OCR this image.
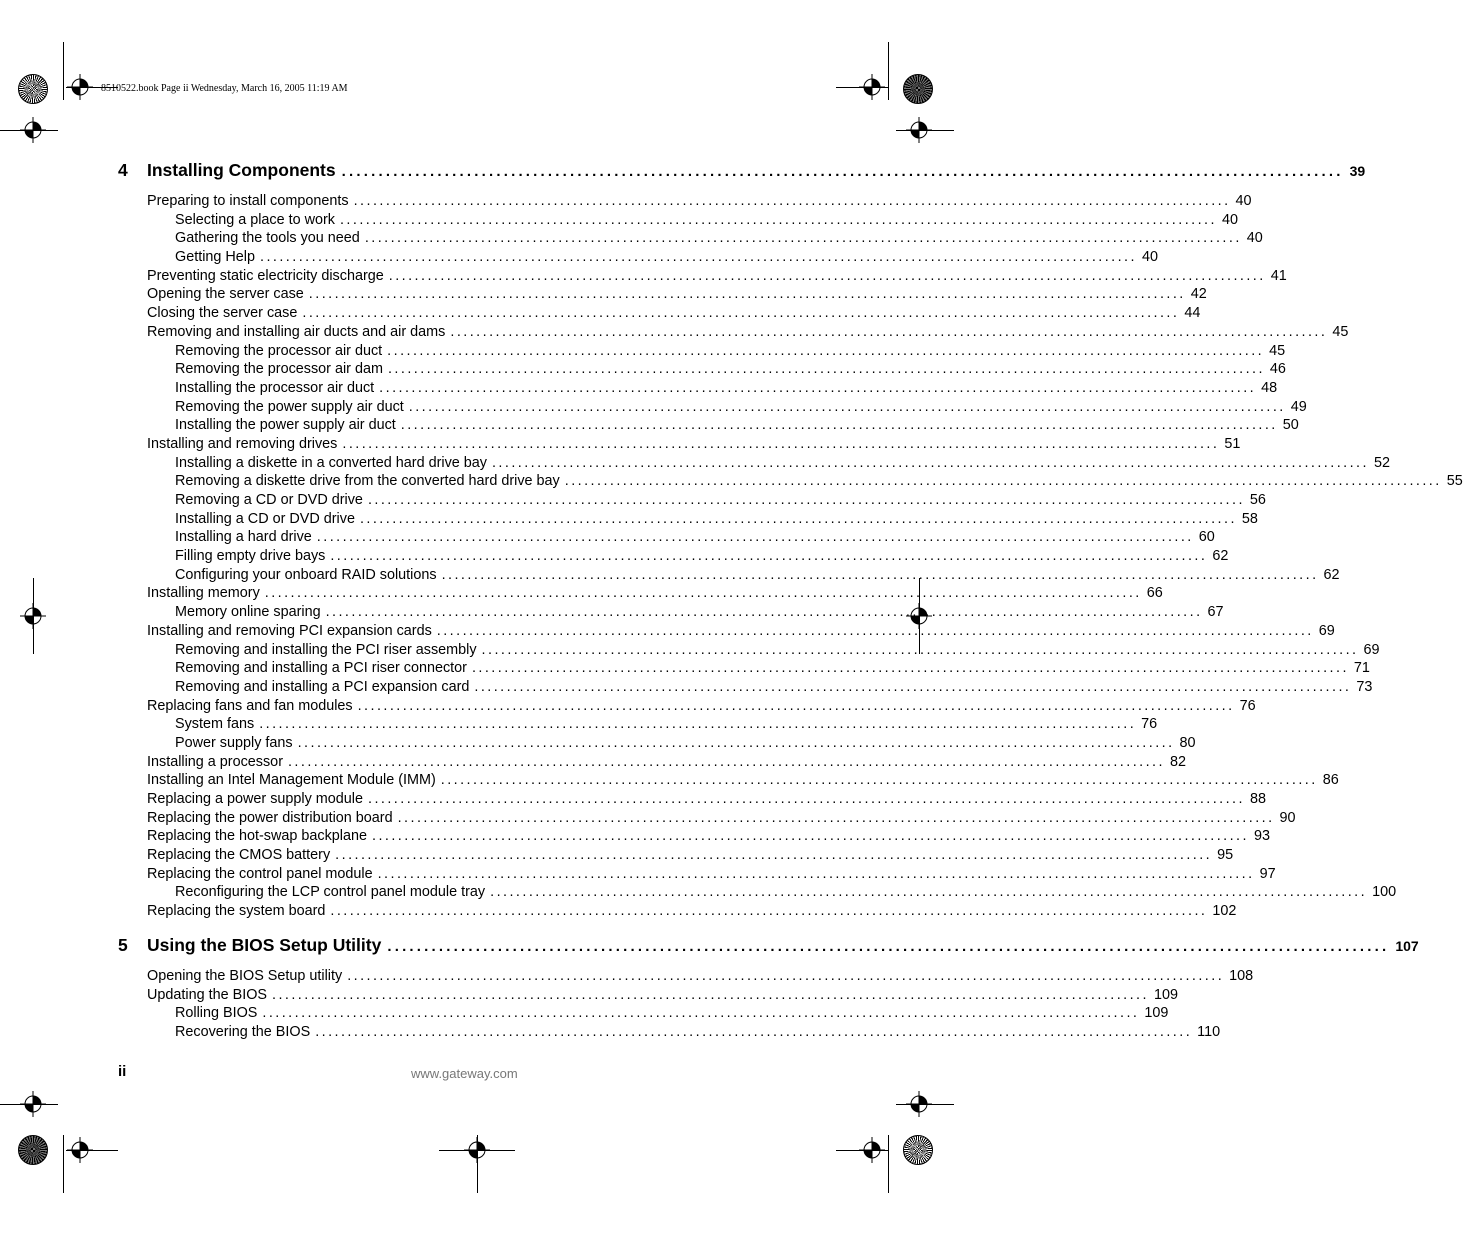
8510522.book Page ii Wednesday, March 16, 2005 11:19 AM
4	Installing Components ........................................................................................................................................ 39
Preparing to install components ........................................................................................................................................ 40
Selecting a place to work ........................................................................................................................................ 40
Gathering the tools you need ........................................................................................................................................ 40
Getting Help ........................................................................................................................................ 40
Preventing static electricity discharge ........................................................................................................................................ 41
Opening the server case ........................................................................................................................................ 42
Closing the server case ........................................................................................................................................ 44
Removing and installing air ducts and air dams ........................................................................................................................................ 45
Removing the processor air duct ........................................................................................................................................ 45
Removing the processor air dam ........................................................................................................................................ 46
Installing the processor air duct ........................................................................................................................................ 48
Removing the power supply air duct ........................................................................................................................................ 49
Installing the power supply air duct ........................................................................................................................................ 50
Installing and removing drives ........................................................................................................................................ 51
Installing a diskette in a converted hard drive bay ........................................................................................................................................ 52
Removing a diskette drive from the converted hard drive bay ........................................................................................................................................ 55
Removing a CD or DVD drive ........................................................................................................................................ 56
Installing a CD or DVD drive ........................................................................................................................................ 58
Installing a hard drive ........................................................................................................................................ 60
Filling empty drive bays ........................................................................................................................................ 62
Configuring your onboard RAID solutions ........................................................................................................................................ 62
Installing memory ........................................................................................................................................ 66
Memory online sparing ........................................................................................................................................ 67
Installing and removing PCI expansion cards ........................................................................................................................................ 69
Removing and installing the PCI riser assembly ........................................................................................................................................ 69
Removing and installing a PCI riser connector ........................................................................................................................................ 71
Removing and installing a PCI expansion card ........................................................................................................................................ 73
Replacing fans and fan modules ........................................................................................................................................ 76
System fans ........................................................................................................................................ 76
Power supply fans ........................................................................................................................................ 80
Installing a processor ........................................................................................................................................ 82
Installing an Intel Management Module (IMM) ........................................................................................................................................ 86
Replacing a power supply module ........................................................................................................................................ 88
Replacing the power distribution board ........................................................................................................................................ 90
Replacing the hot-swap backplane ........................................................................................................................................ 93
Replacing the CMOS battery ........................................................................................................................................ 95
Replacing the control panel module ........................................................................................................................................ 97
Reconfiguring the LCP control panel module tray ........................................................................................................................................ 100
Replacing the system board ........................................................................................................................................ 102
5	Using the BIOS Setup Utility ........................................................................................................................................ 107
Opening the BIOS Setup utility ........................................................................................................................................ 108
Updating the BIOS ........................................................................................................................................ 109
Rolling BIOS ........................................................................................................................................ 109
Recovering the BIOS ........................................................................................................................................ 110
ii	www.gateway.com
